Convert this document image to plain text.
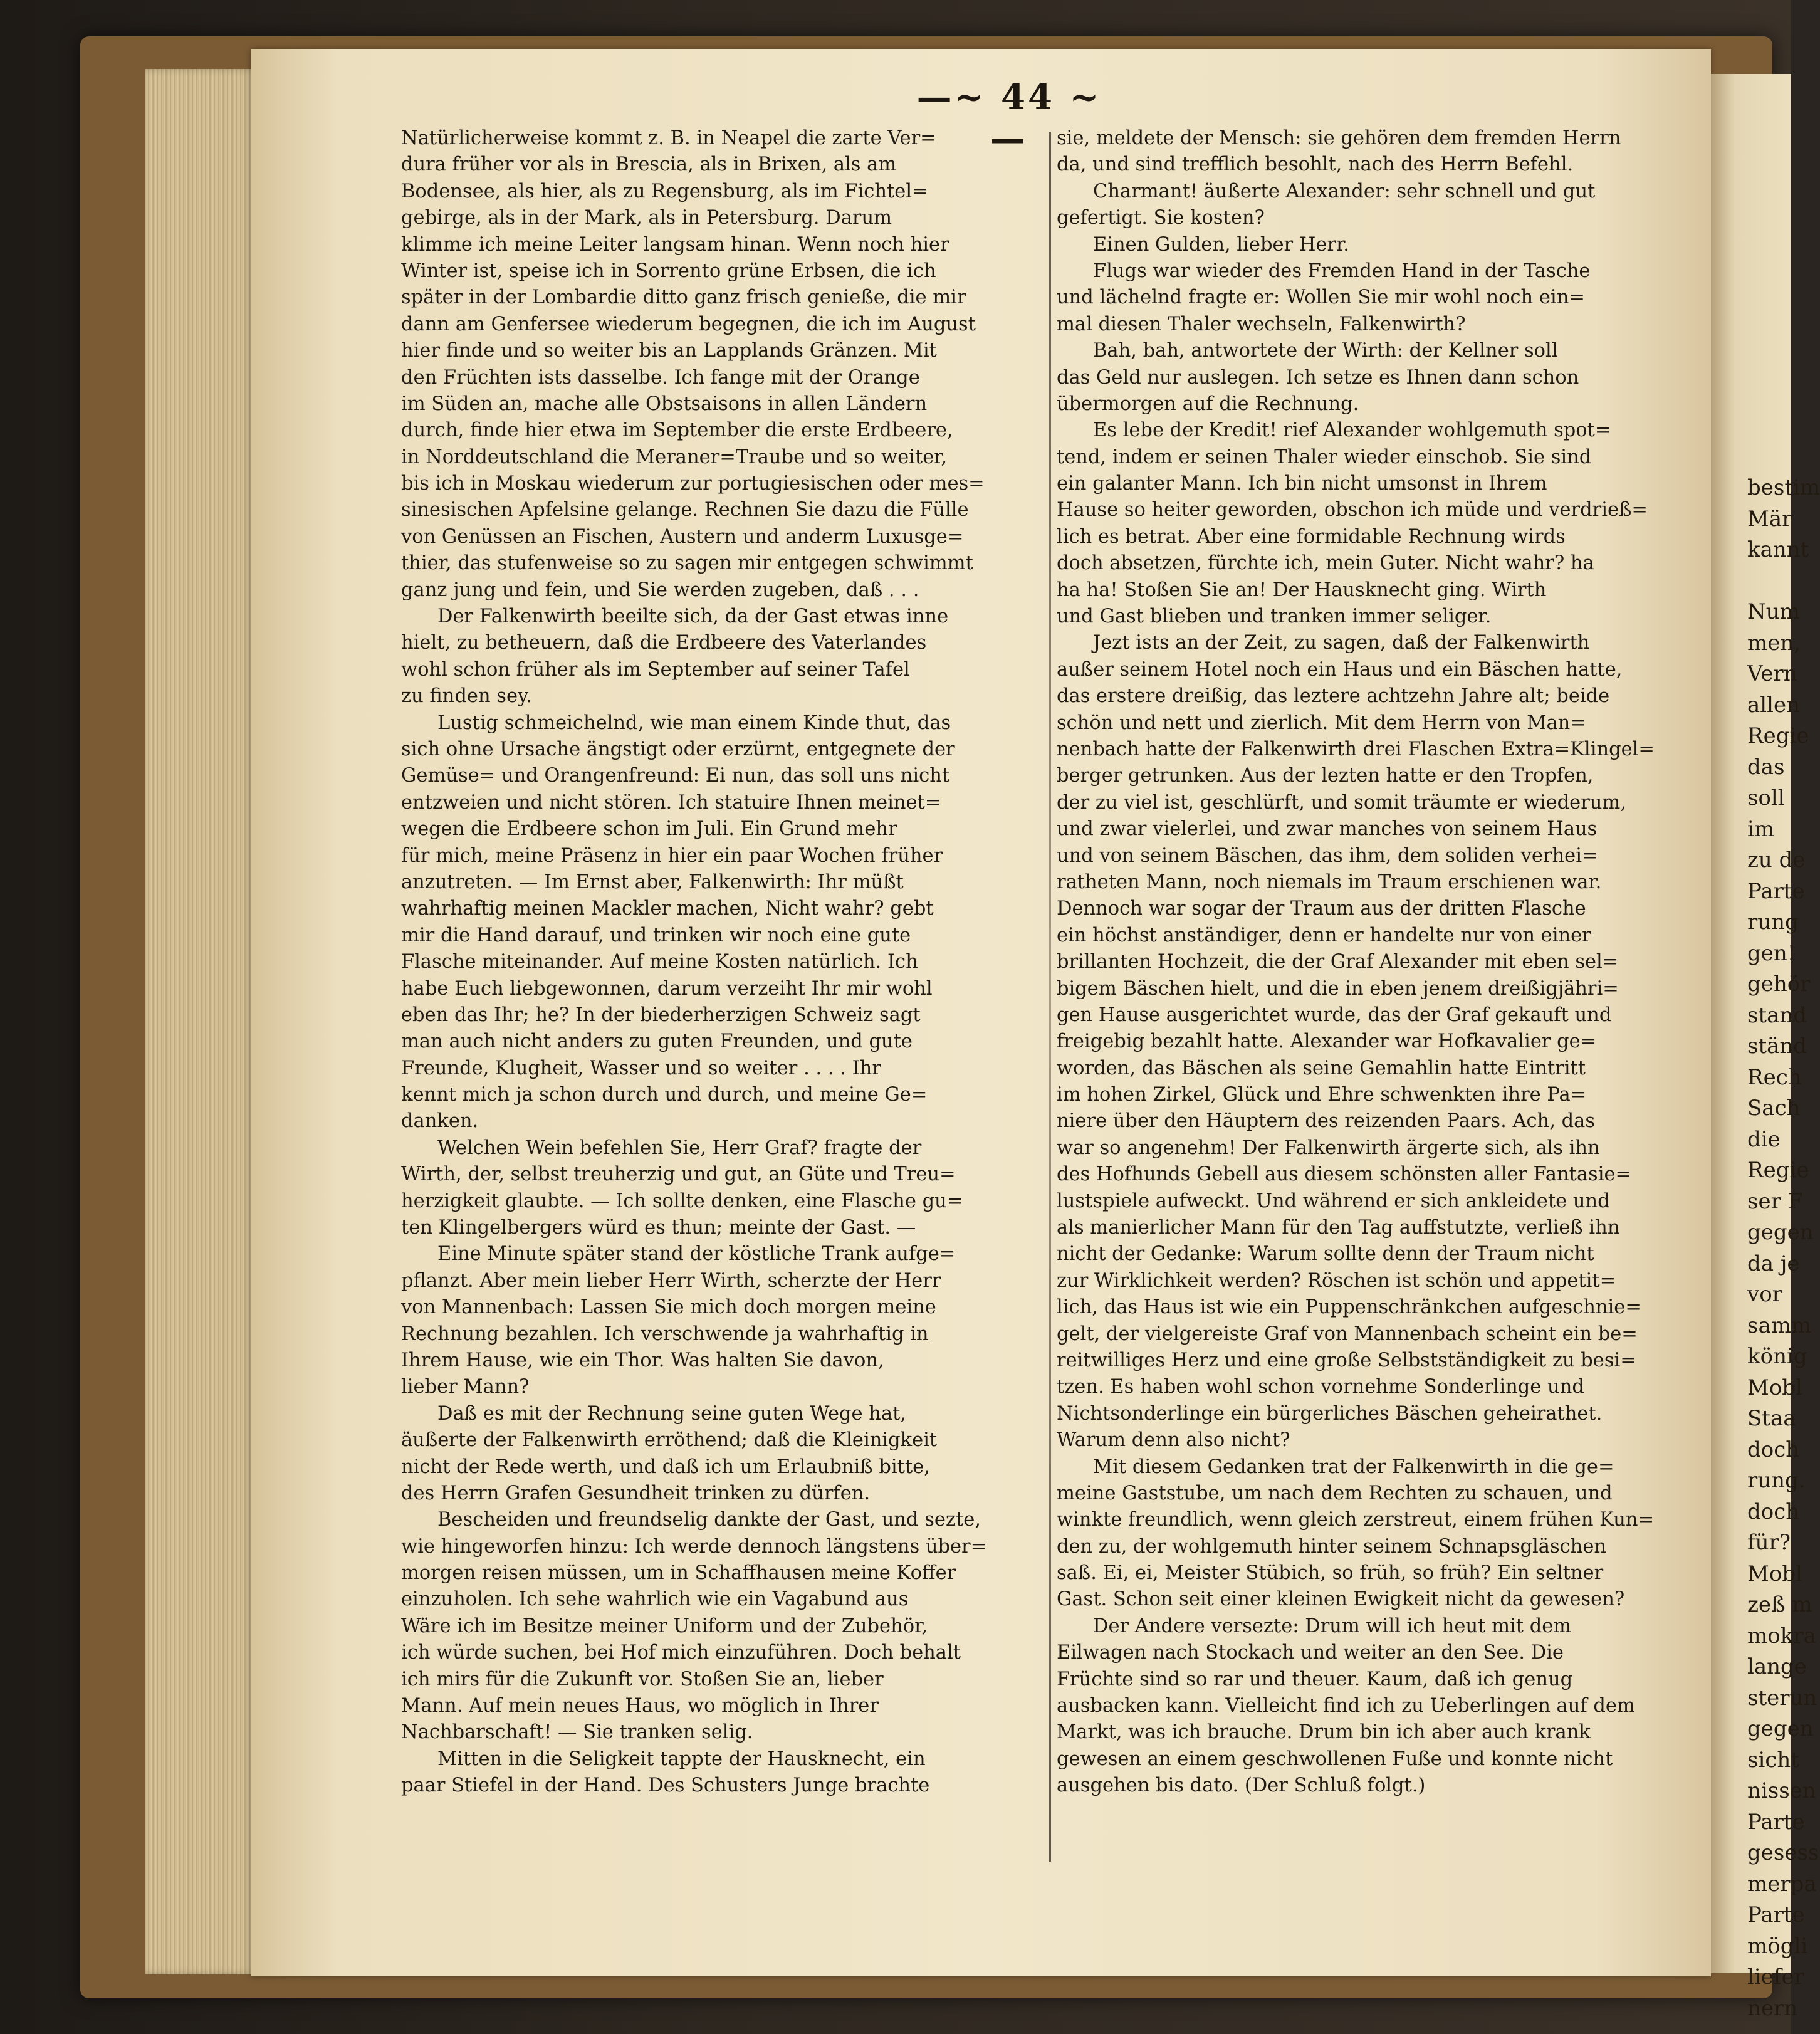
—~ 44 ~—
Natürlicherweise kommt z. B. in Neapel die zarte Ver=
dura früher vor als in Brescia, als in Brixen, als am
Bodensee, als hier, als zu Regensburg, als im Fichtel=
gebirge, als in der Mark, als in Petersburg. Darum
klimme ich meine Leiter langsam hinan. Wenn noch hier
Winter ist, speise ich in Sorrento grüne Erbsen, die ich
später in der Lombardie ditto ganz frisch genieße, die mir
dann am Genfersee wiederum begegnen, die ich im August
hier finde und so weiter bis an Lapplands Gränzen. Mit
den Früchten ists dasselbe. Ich fange mit der Orange
im Süden an, mache alle Obstsaisons in allen Ländern
durch, finde hier etwa im September die erste Erdbeere,
in Norddeutschland die Meraner=Traube und so weiter,
bis ich in Moskau wiederum zur portugiesischen oder mes=
sinesischen Apfelsine gelange. Rechnen Sie dazu die Fülle
von Genüssen an Fischen, Austern und anderm Luxusge=
thier, das stufenweise so zu sagen mir entgegen schwimmt
ganz jung und fein, und Sie werden zugeben, daß . . .
Der Falkenwirth beeilte sich, da der Gast etwas inne
hielt, zu betheuern, daß die Erdbeere des Vaterlandes
wohl schon früher als im September auf seiner Tafel
zu finden sey.
Lustig schmeichelnd, wie man einem Kinde thut, das
sich ohne Ursache ängstigt oder erzürnt, entgegnete der
Gemüse= und Orangenfreund: Ei nun, das soll uns nicht
entzweien und nicht stören. Ich statuire Ihnen meinet=
wegen die Erdbeere schon im Juli. Ein Grund mehr
für mich, meine Präsenz in hier ein paar Wochen früher
anzutreten. — Im Ernst aber, Falkenwirth: Ihr müßt
wahrhaftig meinen Mackler machen, Nicht wahr? gebt
mir die Hand darauf, und trinken wir noch eine gute
Flasche miteinander. Auf meine Kosten natürlich. Ich
habe Euch liebgewonnen, darum verzeiht Ihr mir wohl
eben das Ihr; he? In der biederherzigen Schweiz sagt
man auch nicht anders zu guten Freunden, und gute
Freunde, Klugheit, Wasser und so weiter . . . . Ihr
kennt mich ja schon durch und durch, und meine Ge=
danken.
Welchen Wein befehlen Sie, Herr Graf? fragte der
Wirth, der, selbst treuherzig und gut, an Güte und Treu=
herzigkeit glaubte. — Ich sollte denken, eine Flasche gu=
ten Klingelbergers würd es thun; meinte der Gast. —
Eine Minute später stand der köstliche Trank aufge=
pflanzt. Aber mein lieber Herr Wirth, scherzte der Herr
von Mannenbach: Lassen Sie mich doch morgen meine
Rechnung bezahlen. Ich verschwende ja wahrhaftig in
Ihrem Hause, wie ein Thor. Was halten Sie davon,
lieber Mann?
Daß es mit der Rechnung seine guten Wege hat,
äußerte der Falkenwirth erröthend; daß die Kleinigkeit
nicht der Rede werth, und daß ich um Erlaubniß bitte,
des Herrn Grafen Gesundheit trinken zu dürfen.
Bescheiden und freundselig dankte der Gast, und sezte,
wie hingeworfen hinzu: Ich werde dennoch längstens über=
morgen reisen müssen, um in Schaffhausen meine Koffer
einzuholen. Ich sehe wahrlich wie ein Vagabund aus
Wäre ich im Besitze meiner Uniform und der Zubehör,
ich würde suchen, bei Hof mich einzuführen. Doch behalt
ich mirs für die Zukunft vor. Stoßen Sie an, lieber
Mann. Auf mein neues Haus, wo möglich in Ihrer
Nachbarschaft! — Sie tranken selig.
Mitten in die Seligkeit tappte der Hausknecht, ein
paar Stiefel in der Hand. Des Schusters Junge brachte
sie, meldete der Mensch: sie gehören dem fremden Herrn
da, und sind trefflich besohlt, nach des Herrn Befehl.
Charmant! äußerte Alexander: sehr schnell und gut
gefertigt. Sie kosten?
Einen Gulden, lieber Herr.
Flugs war wieder des Fremden Hand in der Tasche
und lächelnd fragte er: Wollen Sie mir wohl noch ein=
mal diesen Thaler wechseln, Falkenwirth?
Bah, bah, antwortete der Wirth: der Kellner soll
das Geld nur auslegen. Ich setze es Ihnen dann schon
übermorgen auf die Rechnung.
Es lebe der Kredit! rief Alexander wohlgemuth spot=
tend, indem er seinen Thaler wieder einschob. Sie sind
ein galanter Mann. Ich bin nicht umsonst in Ihrem
Hause so heiter geworden, obschon ich müde und verdrieß=
lich es betrat. Aber eine formidable Rechnung wirds
doch absetzen, fürchte ich, mein Guter. Nicht wahr? ha
ha ha! Stoßen Sie an! Der Hausknecht ging. Wirth
und Gast blieben und tranken immer seliger.
Jezt ists an der Zeit, zu sagen, daß der Falkenwirth
außer seinem Hotel noch ein Haus und ein Bäschen hatte,
das erstere dreißig, das leztere achtzehn Jahre alt; beide
schön und nett und zierlich. Mit dem Herrn von Man=
nenbach hatte der Falkenwirth drei Flaschen Extra=Klingel=
berger getrunken. Aus der lezten hatte er den Tropfen,
der zu viel ist, geschlürft, und somit träumte er wiederum,
und zwar vielerlei, und zwar manches von seinem Haus
und von seinem Bäschen, das ihm, dem soliden verhei=
ratheten Mann, noch niemals im Traum erschienen war.
Dennoch war sogar der Traum aus der dritten Flasche
ein höchst anständiger, denn er handelte nur von einer
brillanten Hochzeit, die der Graf Alexander mit eben sel=
bigem Bäschen hielt, und die in eben jenem dreißigjähri=
gen Hause ausgerichtet wurde, das der Graf gekauft und
freigebig bezahlt hatte. Alexander war Hofkavalier ge=
worden, das Bäschen als seine Gemahlin hatte Eintritt
im hohen Zirkel, Glück und Ehre schwenkten ihre Pa=
niere über den Häuptern des reizenden Paars. Ach, das
war so angenehm! Der Falkenwirth ärgerte sich, als ihn
des Hofhunds Gebell aus diesem schönsten aller Fantasie=
lustspiele aufweckt. Und während er sich ankleidete und
als manierlicher Mann für den Tag auffstutzte, verließ ihn
nicht der Gedanke: Warum sollte denn der Traum nicht
zur Wirklichkeit werden? Röschen ist schön und appetit=
lich, das Haus ist wie ein Puppenschränkchen aufgeschnie=
gelt, der vielgereiste Graf von Mannenbach scheint ein be=
reitwilliges Herz und eine große Selbstständigkeit zu besi=
tzen. Es haben wohl schon vornehme Sonderlinge und
Nichtsonderlinge ein bürgerliches Bäschen geheirathet.
Warum denn also nicht?
Mit diesem Gedanken trat der Falkenwirth in die ge=
meine Gaststube, um nach dem Rechten zu schauen, und
winkte freundlich, wenn gleich zerstreut, einem frühen Kun=
den zu, der wohlgemuth hinter seinem Schnapsgläschen
saß. Ei, ei, Meister Stübich, so früh, so früh? Ein seltner
Gast. Schon seit einer kleinen Ewigkeit nicht da gewesen?
Der Andere versezte: Drum will ich heut mit dem
Eilwagen nach Stockach und weiter an den See. Die
Früchte sind so rar und theuer. Kaum, daß ich genug
ausbacken kann. Vielleicht find ich zu Ueberlingen auf dem
Markt, was ich brauche. Drum bin ich aber auch krank
gewesen an einem geschwollenen Fuße und konnte nicht
ausgehen bis dato. (Der Schluß folgt.)
bestim
Mär
kannt
Num
men,
Vern
allen
Regie
das
soll
im
zu de
Parte
rung
gen!
gehör
stand
ständ
Rech
Sach
die
Regie
ser F
gegen
da je
vor
samm
könig
Mobl
Staa
doch
rung.
doch
für?
Mobl
zeß m
mokra
lange
sterun
gegen
sicht
nissen
Parte
gesess
merpa
Parte
mögli
liefer
nern
